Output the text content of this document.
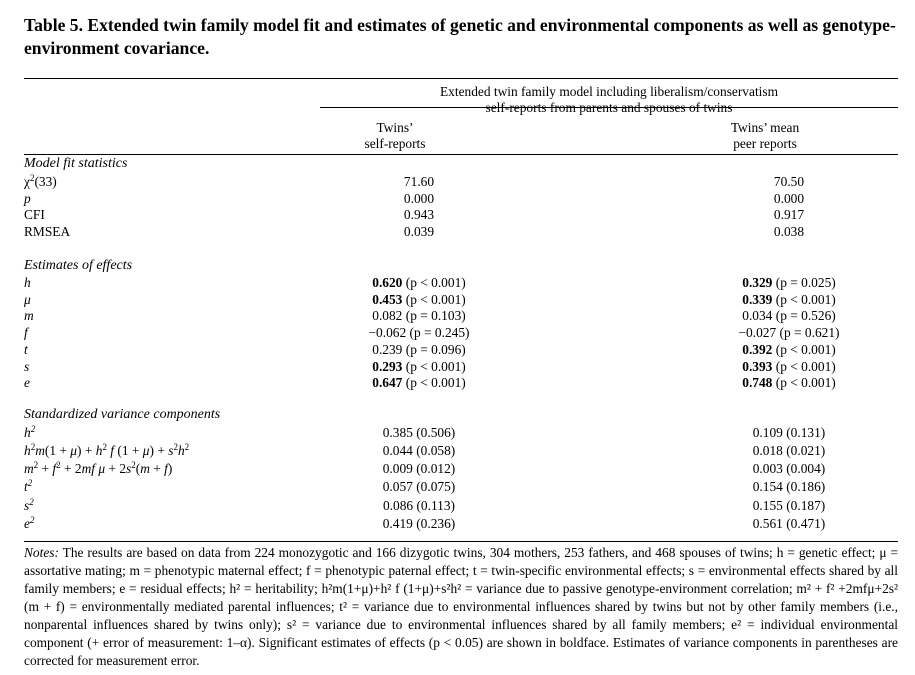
Table 5. Extended twin family model fit and estimates of genetic and environmental components as well as genotype-environment covariance.
Extended twin family model including liberalism/conservatism
self-reports from parents and spouses of twins
Twins’
self-reports
Twins’ mean
peer reports
Model fit statistics
$\chi^2(33)$	71.60	70.50
p	0.000	0.000
CFI	0.943	0.917
RMSEA	0.039	0.038
Estimates of effects
h	0.620 (p < 0.001)	0.329 (p = 0.025)
μ	0.453 (p < 0.001)	0.339 (p < 0.001)
m	0.082 (p = 0.103)	0.034 (p = 0.526)
f	−0.062 (p = 0.245)	−0.027 (p = 0.621)
t	0.239 (p = 0.096)	0.392 (p < 0.001)
s	0.293 (p < 0.001)	0.393 (p < 0.001)
e	0.647 (p < 0.001)	0.748 (p < 0.001)
Standardized variance components
$h^2$	0.385 (0.506)	0.109 (0.131)
$h^2m(1 + \mu) + h^2$ f $(1 + \mu) + s^2h^2$	0.044 (0.058)	0.018 (0.021)
$m^2 + f^2 + 2mf$ $\mu + 2s^2(m + f)$	0.009 (0.012)	0.003 (0.004)
$t^2$	0.057 (0.075)	0.154 (0.186)
$s^2$	0.086 (0.113)	0.155 (0.187)
$e^2$	0.419 (0.236)	0.561 (0.471)
Notes: The results are based on data from 224 monozygotic and 166 dizygotic twins, 304 mothers, 253 fathers, and 468 spouses of twins; h = genetic effect; μ = assortative mating; m = phenotypic maternal effect; f = phenotypic paternal effect; t = twin-specific environmental effects; s = environmental effects shared by all family members; e = residual effects; h² = heritability; h²m(1+μ)+h² f (1+μ)+s²h² = variance due to passive genotype-environment correlation; m² + f² +2mfμ+2s² (m + f) = environmentally mediated parental influences; t² = variance due to environmental influences shared by twins but not by other family members (i.e., nonparental influences shared by twins only); s² = variance due to environmental influences shared by all family members; e² = individual environmental component (+ error of measurement: 1–α). Significant estimates of effects (p < 0.05) are shown in boldface. Estimates of variance components in parentheses are corrected for measurement error.
